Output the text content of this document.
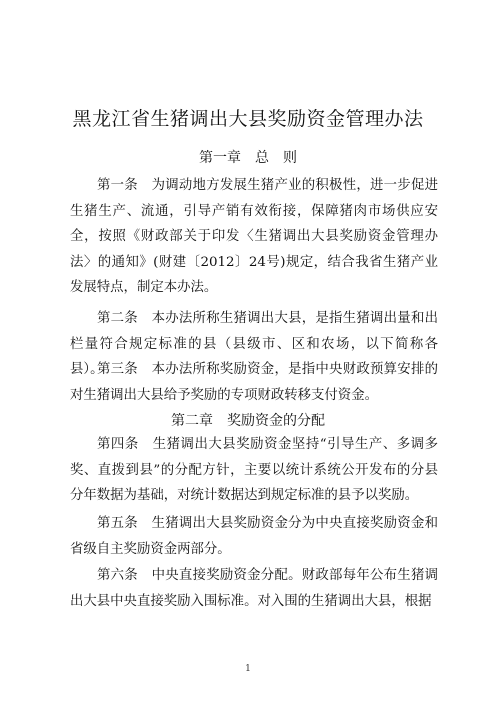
黑龙江省生猪调出大县奖励资金管理办法
第一章　总　则

第一条　为调动地方发展生猪产业的积极性，进一步促进生猪生产、流通，引导产销有效衔接，保障猪肉市场供应安全，按照《财政部关于印发〈生猪调出大县奖励资金管理办法〉的通知》(财建〔2012〕24号)规定，结合我省生猪产业发展特点，制定本办法。

第二条　本办法所称生猪调出大县，是指生猪调出量和出栏量符合规定标准的县（县级市、区和农场，以下简称各县）。

第三条　本办法所称奖励资金，是指中央财政预算安排的对生猪调出大县给予奖励的专项财政转移支付资金。

第二章　奖励资金的分配

第四条　生猪调出大县奖励资金坚持“引导生产、多调多奖、直拨到县”的分配方针，主要以统计系统公开发布的分县分年数据为基础，对统计数据达到规定标准的县予以奖励。

第五条　生猪调出大县奖励资金分为中央直接奖励资金和省级自主奖励资金两部分。

第六条　中央直接奖励资金分配。财政部每年公布生猪调出大县中央直接奖励入围标准。对入围的生猪调出大县，根据

1
